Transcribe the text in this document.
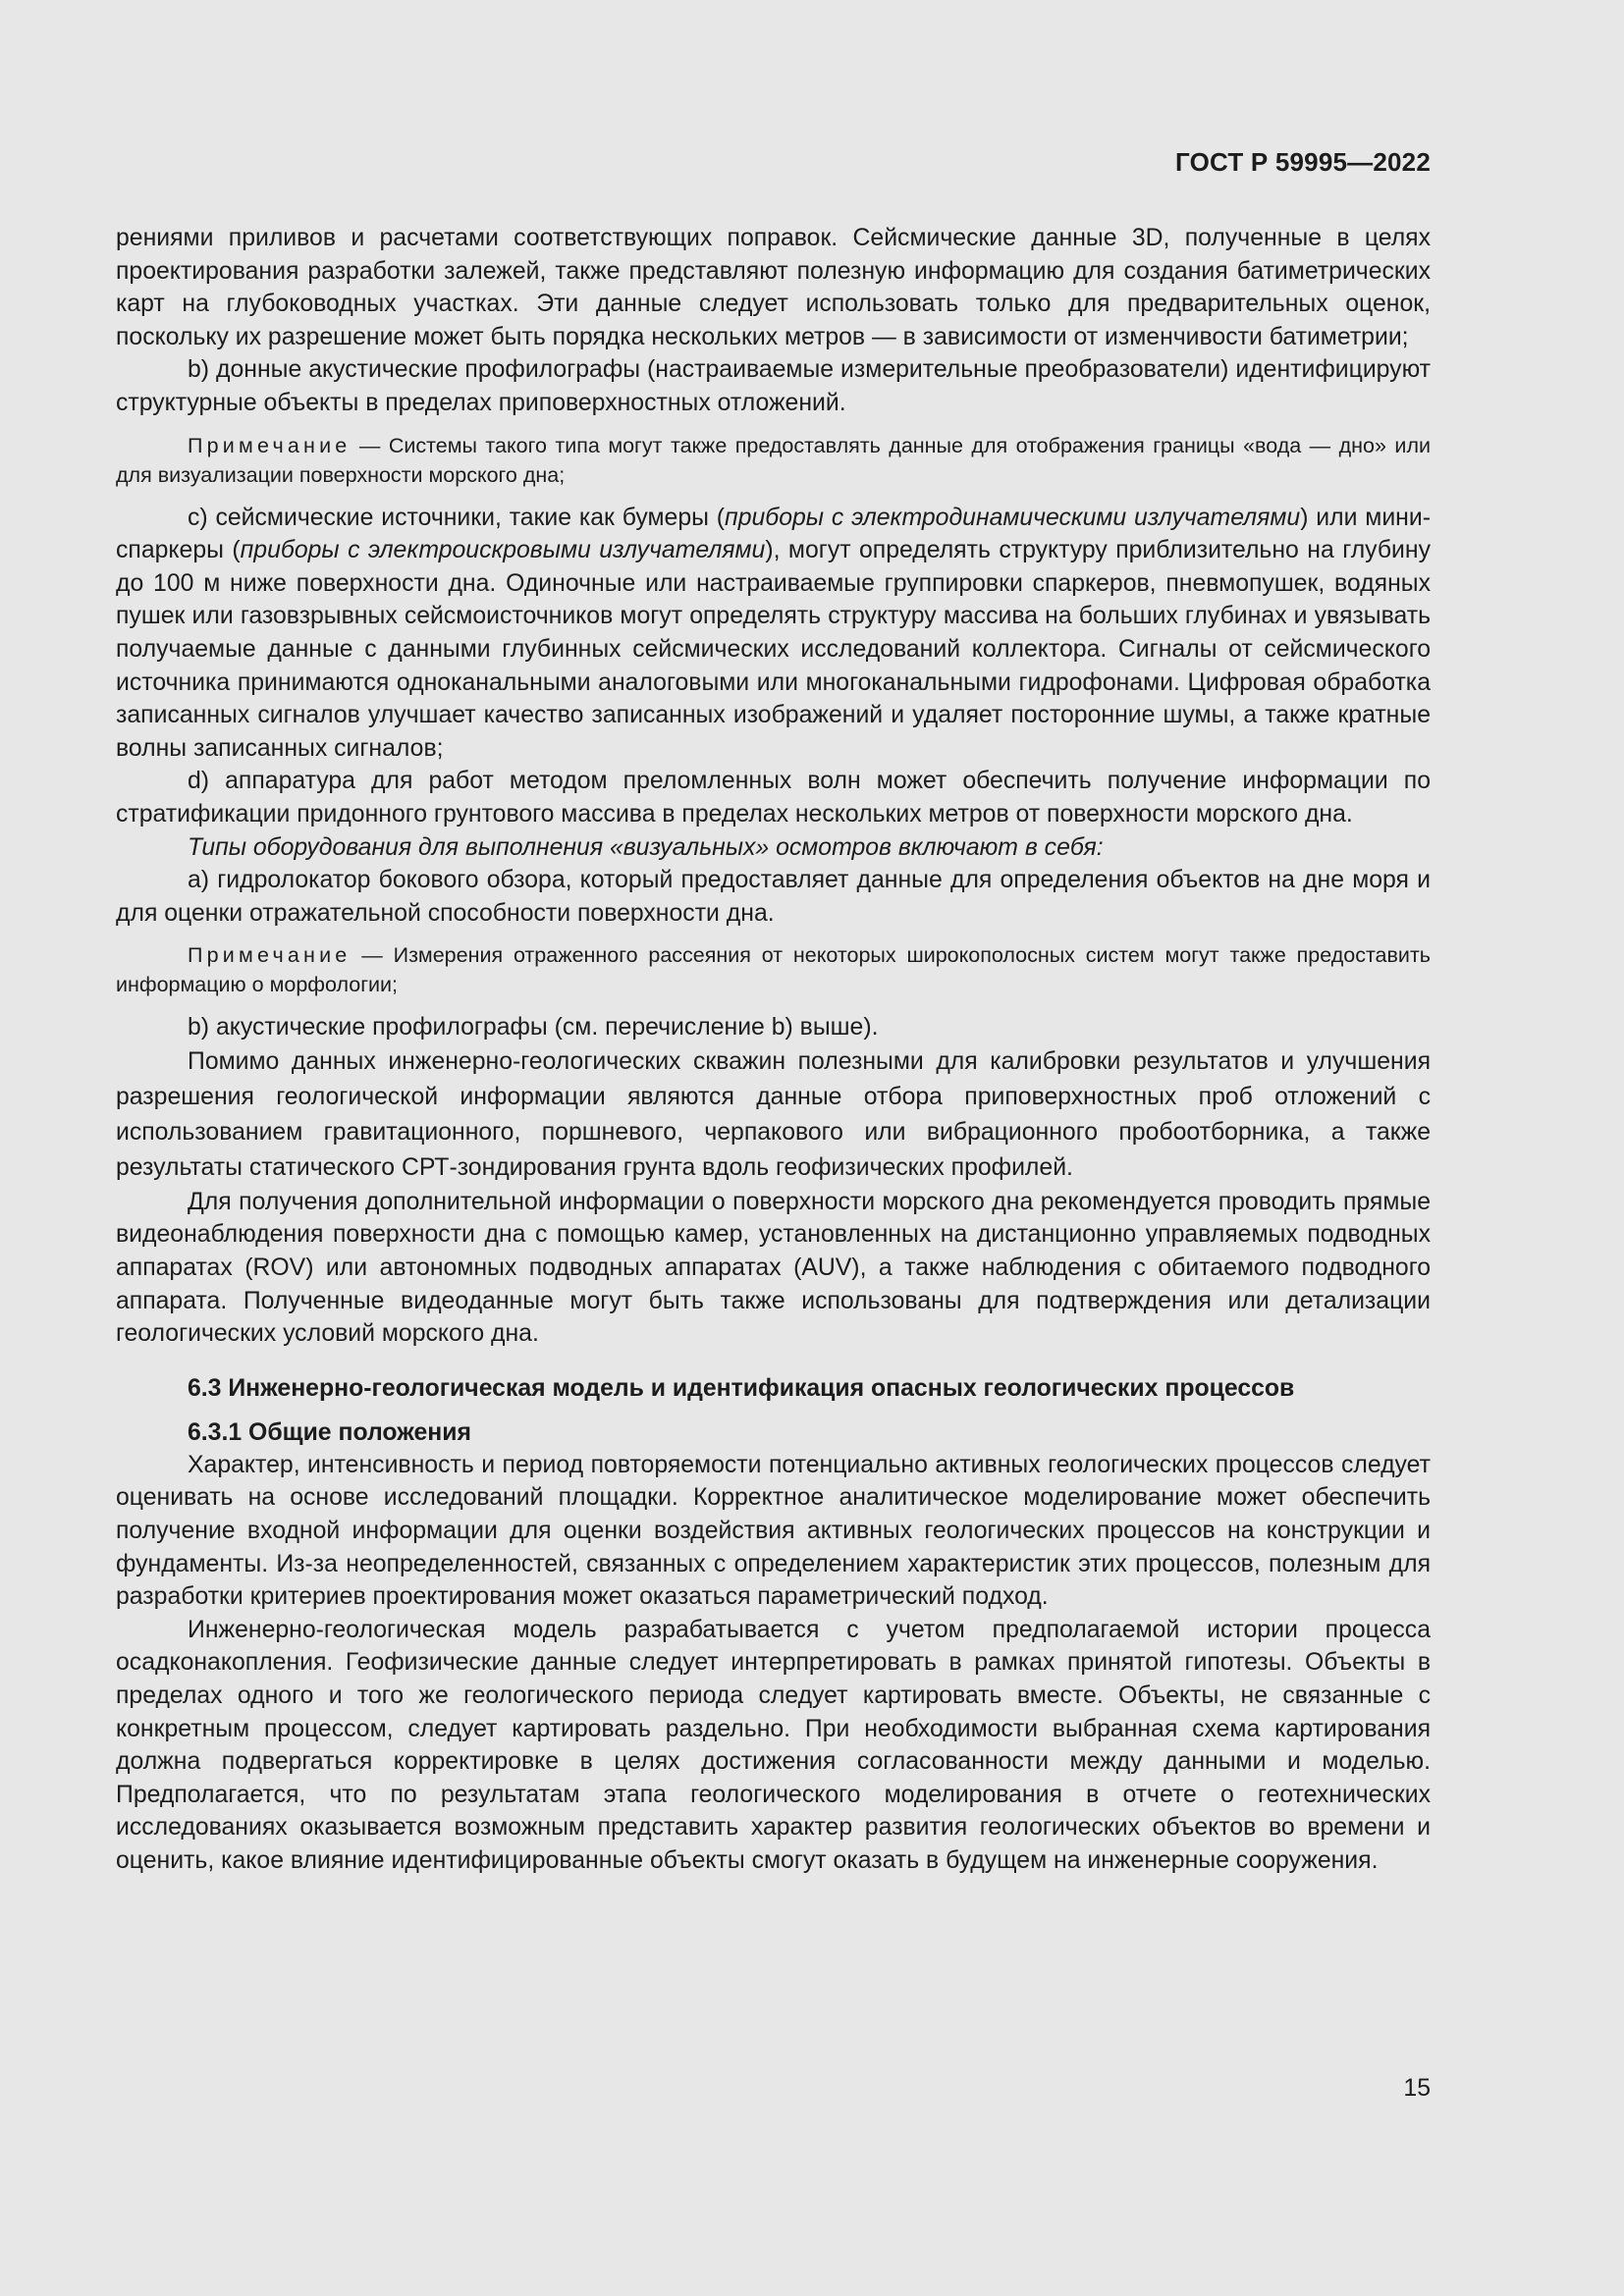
ГОСТ Р 59995—2022

рениями приливов и расчетами соответствующих поправок. Сейсмические данные 3D, полученные в целях проектирования разработки залежей, также представляют полезную информацию для создания батиметрических карт на глубоководных участках. Эти данные следует использовать только для предварительных оценок, поскольку их разрешение может быть порядка нескольких метров — в зависимости от изменчивости батиметрии;

b) донные акустические профилографы (настраиваемые измерительные преобразователи) идентифицируют структурные объекты в пределах приповерхностных отложений.

Примечание — Системы такого типа могут также предоставлять данные для отображения границы «вода — дно» или для визуализации поверхности морского дна;

c) сейсмические источники, такие как бумеры (приборы с электродинамическими излучателями) или мини-спаркеры (приборы с электроискровыми излучателями), могут определять структуру приблизительно на глубину до 100 м ниже поверхности дна. Одиночные или настраиваемые группировки спаркеров, пневмопушек, водяных пушек или газовзрывных сейсмоисточников могут определять структуру массива на больших глубинах и увязывать получаемые данные с данными глубинных сейсмических исследований коллектора. Сигналы от сейсмического источника принимаются одноканальными аналоговыми или многоканальными гидрофонами. Цифровая обработка записанных сигналов улучшает качество записанных изображений и удаляет посторонние шумы, а также кратные волны записанных сигналов;

d) аппаратура для работ методом преломленных волн может обеспечить получение информации по стратификации придонного грунтового массива в пределах нескольких метров от поверхности морского дна.

Типы оборудования для выполнения «визуальных» осмотров включают в себя:

a) гидролокатор бокового обзора, который предоставляет данные для определения объектов на дне моря и для оценки отражательной способности поверхности дна.

Примечание — Измерения отраженного рассеяния от некоторых широкополосных систем могут также предоставить информацию о морфологии;

b) акустические профилографы (см. перечисление b) выше).

Помимо данных инженерно-геологических скважин полезными для калибровки результатов и улучшения разрешения геологической информации являются данные отбора приповерхностных проб отложений с использованием гравитационного, поршневого, черпакового или вибрационного пробоотборника, а также результаты статического СРТ-зондирования грунта вдоль геофизических профилей.

Для получения дополнительной информации о поверхности морского дна рекомендуется проводить прямые видеонаблюдения поверхности дна с помощью камер, установленных на дистанционно управляемых подводных аппаратах (ROV) или автономных подводных аппаратах (AUV), а также наблюдения с обитаемого подводного аппарата. Полученные видеоданные могут быть также использованы для подтверждения или детализации геологических условий морского дна.

6.3 Инженерно-геологическая модель и идентификация опасных геологических процессов
6.3.1 Общие положения

Характер, интенсивность и период повторяемости потенциально активных геологических процессов следует оценивать на основе исследований площадки. Корректное аналитическое моделирование может обеспечить получение входной информации для оценки воздействия активных геологических процессов на конструкции и фундаменты. Из-за неопределенностей, связанных с определением характеристик этих процессов, полезным для разработки критериев проектирования может оказаться параметрический подход.

Инженерно-геологическая модель разрабатывается с учетом предполагаемой истории процесса осадконакопления. Геофизические данные следует интерпретировать в рамках принятой гипотезы. Объекты в пределах одного и того же геологического периода следует картировать вместе. Объекты, не связанные с конкретным процессом, следует картировать раздельно. При необходимости выбранная схема картирования должна подвергаться корректировке в целях достижения согласованности между данными и моделью. Предполагается, что по результатам этапа геологического моделирования в отчете о геотехнических исследованиях оказывается возможным представить характер развития геологических объектов во времени и оценить, какое влияние идентифицированные объекты смогут оказать в будущем на инженерные сооружения.

15
